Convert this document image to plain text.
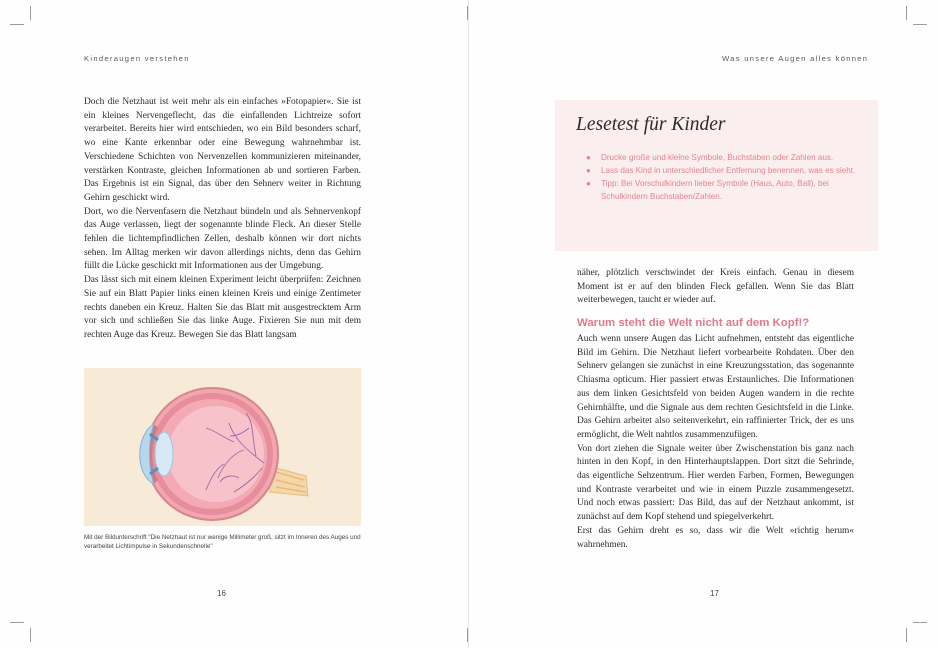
Kinderaugen verstehen

Doch die Netzhaut ist weit mehr als ein einfaches »Fotopapier«. Sie ist ein kleines Nervengeflecht, das die einfallenden Lichtreize sofort verarbeitet. Bereits hier wird entschieden, wo ein Bild besonders scharf, wo eine Kante erkennbar oder eine Bewegung wahrnehmbar ist. Verschiedene Schichten von Nervenzellen kommunizieren miteinander, verstärken Kontraste, gleichen Informationen ab und sortieren Farben. Das Ergebnis ist ein Signal, das über den Sehnerv weiter in Richtung Gehirn geschickt wird.

Dort, wo die Nervenfasern die Netzhaut bündeln und als Sehnervenkopf das Auge verlassen, liegt der sogenannte blinde Fleck. An dieser Stelle fehlen die lichtempfindlichen Zellen, deshalb können wir dort nichts sehen. Im Alltag merken wir davon allerdings nichts, denn das Gehirn füllt die Lücke geschickt mit Informationen aus der Umgebung.

Das lässt sich mit einem kleinen Experiment leicht überprüfen: Zeichnen Sie auf ein Blatt Papier links einen kleinen Kreis und einige Zentimeter rechts daneben ein Kreuz. Halten Sie das Blatt mit ausgestrecktem Arm vor sich und schließen Sie das linke Auge. Fixieren Sie nun mit dem rechten Auge das Kreuz. Bewegen Sie das Blatt langsam

Mit der Bildunterschrift "Die Netzhaut ist nur wenige Millimeter groß, sitzt im Inneren des Auges und verarbeitet Lichtimpulse in Sekundenschnelle"
16
Was unsere Augen alles können
Lesetest für Kinder
● Drucke große und kleine Symbole, Buchstaben oder Zahlen aus.
● Lass das Kind in unterschiedlicher Entfernung benennen, was es sieht.
● Tipp: Bei Vorschulkindern lieber Symbole (Haus, Auto, Ball), bei Schulkindern Buchstaben/Zahlen.

näher, plötzlich verschwindet der Kreis einfach. Genau in diesem Moment ist er auf den blinden Fleck gefallen. Wenn Sie das Blatt weiterbewegen, taucht er wieder auf.

Warum steht die Welt nicht auf dem Kopf!?

Auch wenn unsere Augen das Licht aufnehmen, entsteht das eigentliche Bild im Gehirn. Die Netzhaut liefert vorbearbeite Rohdaten. Über den Sehnerv gelangen sie zunächst in eine Kreuzungsstation, das sogenannte Chiasma opticum. Hier passiert etwas Erstaunliches. Die Informationen aus dem linken Gesichtsfeld von beiden Augen wandern in die rechte Gehirnhälfte, und die Signale aus dem rechten Gesichtsfeld in die Linke. Das Gehirn arbeitet also seitenverkehrt, ein raffinierter Trick, der es uns ermöglicht, die Welt nahtlos zusammenzufügen.

Von dort ziehen die Signale weiter über Zwischenstation bis ganz nach hinten in den Kopf, in den Hinterhauptslappen. Dort sitzt die Sehrinde, das eigentliche Sehzentrum. Hier werden Farben, Formen, Bewegungen und Kontraste verarbeitet und wie in einem Puzzle zusammengesetzt. Und noch etwas passiert: Das Bild, das auf der Netzhaut ankommt, ist zunächst auf dem Kopf stehend und spiegelverkehrt.

Erst das Gehirn dreht es so, dass wir die Welt »richtig herum« wahrnehmen.

17
